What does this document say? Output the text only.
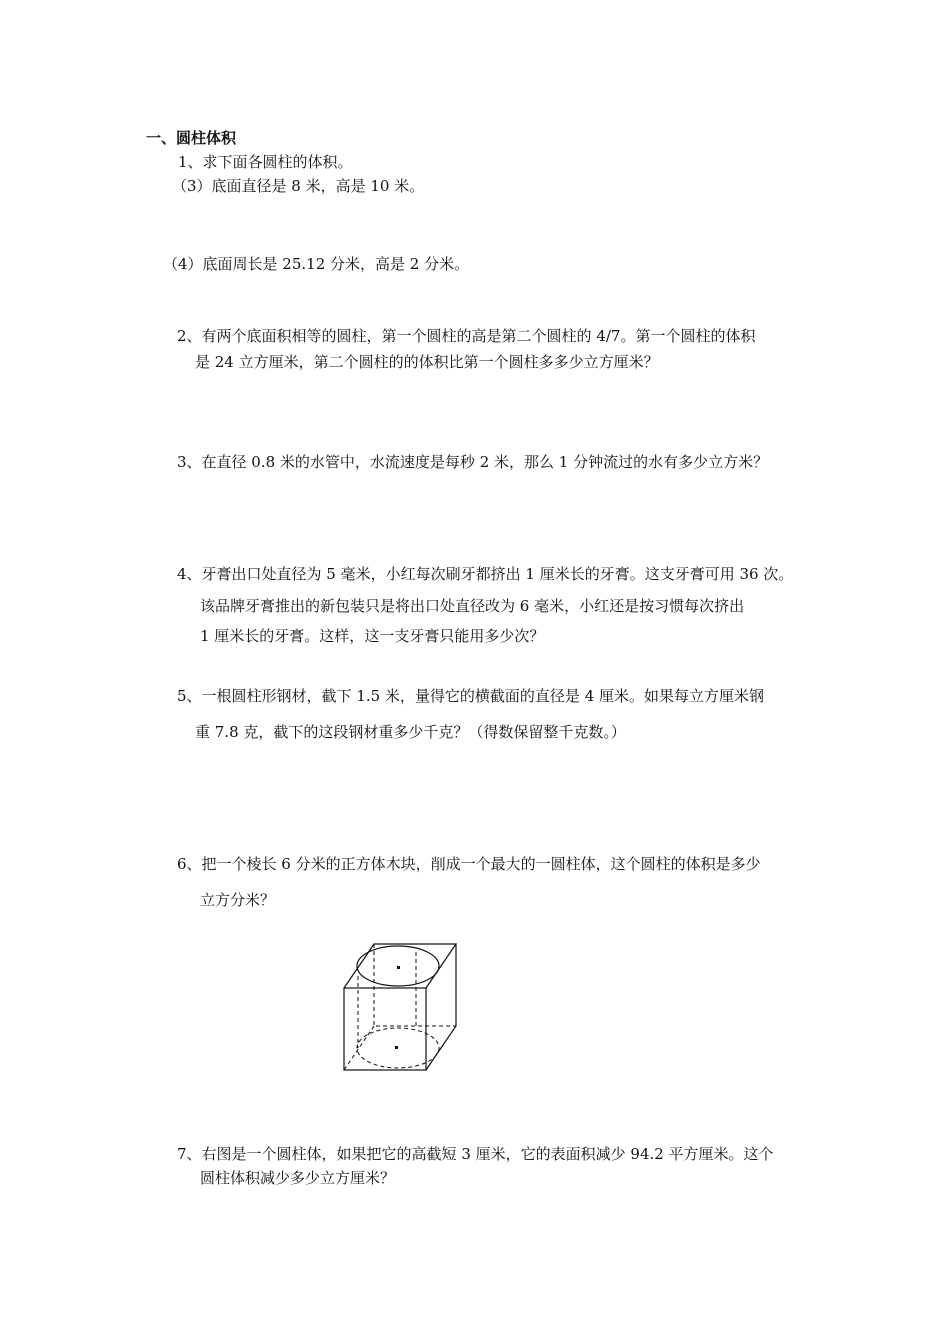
一、圆柱体积
1、求下面各圆柱的体积。
（3）底面直径是 8 米，高是 10 米。
（4）底面周长是 25.12 分米，高是 2 分米。
2、有两个底面积相等的圆柱，第一个圆柱的高是第二个圆柱的 4/7。第一个圆柱的体积
是 24 立方厘米，第二个圆柱的的体积比第一个圆柱多多少立方厘米？
3、在直径 0.8 米的水管中，水流速度是每秒 2 米，那么 1 分钟流过的水有多少立方米？
4、牙膏出口处直径为 5 毫米，小红每次刷牙都挤出 1 厘米长的牙膏。这支牙膏可用 36 次。
该品牌牙膏推出的新包装只是将出口处直径改为 6 毫米，小红还是按习惯每次挤出
1 厘米长的牙膏。这样，这一支牙膏只能用多少次？
5、一根圆柱形钢材，截下 1.5 米，量得它的横截面的直径是 4 厘米。如果每立方厘米钢
重 7.8 克，截下的这段钢材重多少千克？（得数保留整千克数。）
6、把一个棱长 6 分米的正方体木块，削成一个最大的一圆柱体，这个圆柱的体积是多少
立方分米？
7、右图是一个圆柱体，如果把它的高截短 3 厘米，它的表面积减少 94.2 平方厘米。这个
圆柱体积减少多少立方厘米？
